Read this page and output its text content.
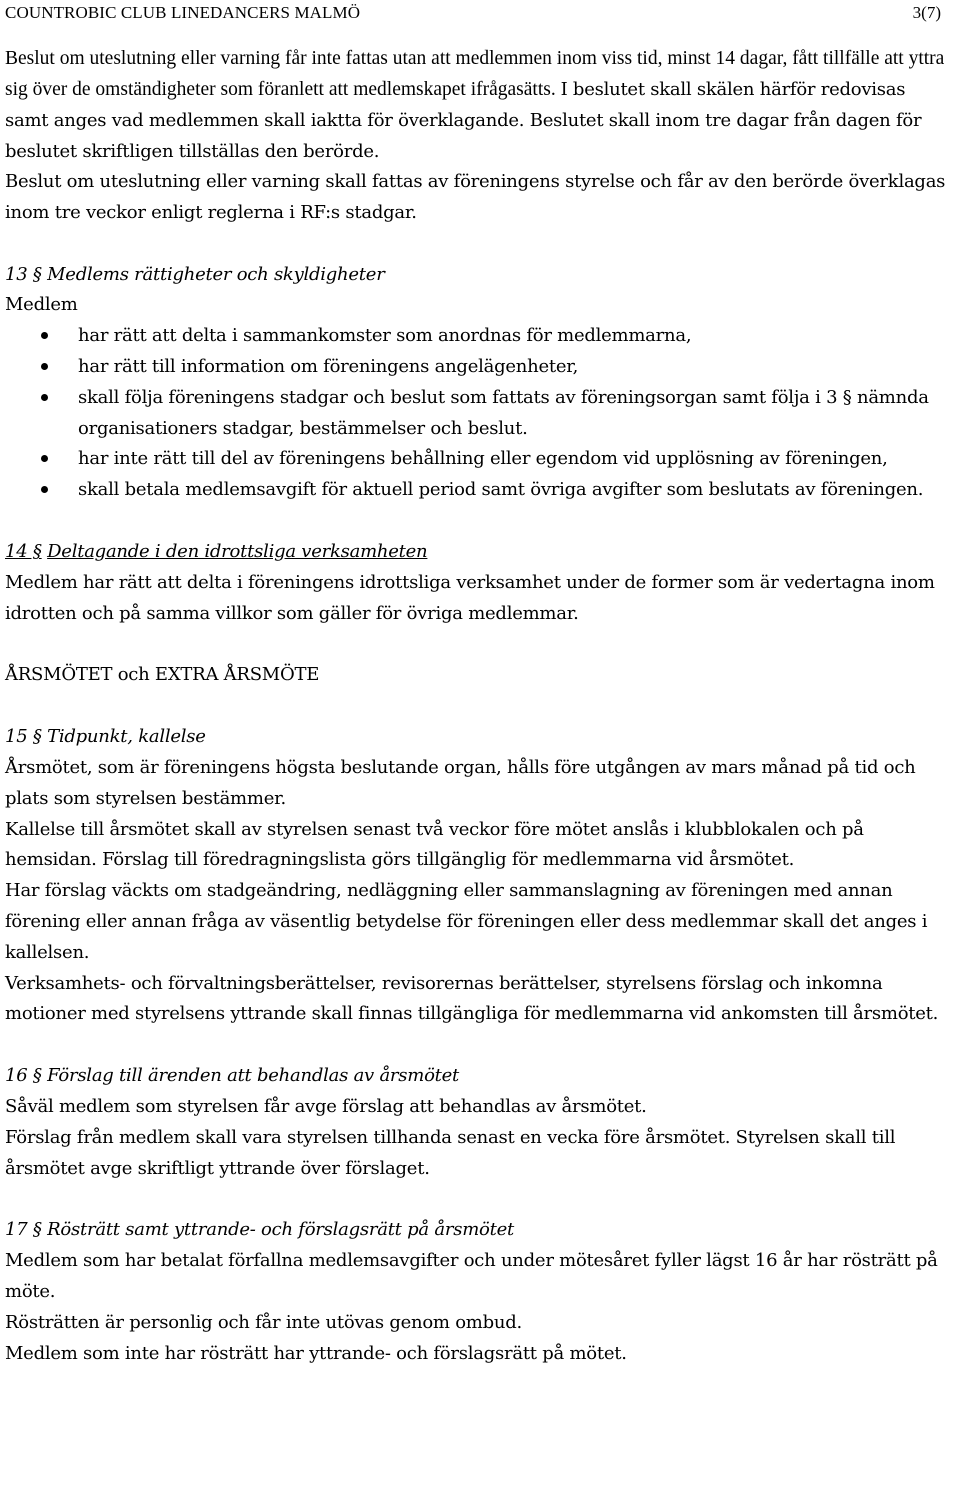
COUNTROBIC CLUB LINEDANCERS MALMÖ	3(7)

Beslut om uteslutning eller varning får inte fattas utan att medlemmen inom viss tid, minst 14 dagar, fått tillfälle att yttra sig över de omständigheter som föranlett att medlemskapet ifrågasätts. I beslutet skall skälen härför redovisas samt anges vad medlemmen skall iaktta för överklagande. Beslutet skall inom tre dagar från dagen för beslutet skriftligen tillställas den berörde.

Beslut om uteslutning eller varning skall fattas av föreningens styrelse och får av den berörde överklagas inom tre veckor enligt reglerna i RF:s stadgar.

13 § Medlems rättigheter och skyldigheter

Medlem

har rätt att delta i sammankomster som anordnas för medlemmarna,
har rätt till information om föreningens angelägenheter,
skall följa föreningens stadgar och beslut som fattats av föreningsorgan samt följa i 3 § nämnda organisationers stadgar, bestämmelser och beslut.
har inte rätt till del av föreningens behållning eller egendom vid upplösning av föreningen,
skall betala medlemsavgift för aktuell period samt övriga avgifter som beslutats av föreningen.

14 § Deltagande i den idrottsliga verksamheten

Medlem har rätt att delta i föreningens idrottsliga verksamhet under de former som är vedertagna inom idrotten och på samma villkor som gäller för övriga medlemmar.

ÅRSMÖTET och EXTRA ÅRSMÖTE

15 § Tidpunkt, kallelse

Årsmötet, som är föreningens högsta beslutande organ, hålls före utgången av mars månad på tid och plats som styrelsen bestämmer.

Kallelse till årsmötet skall av styrelsen senast två veckor före mötet anslås i klubblokalen och på hemsidan. Förslag till föredragningslista görs tillgänglig för medlemmarna vid årsmötet.

Har förslag väckts om stadgeändring, nedläggning eller sammanslagning av föreningen med annan förening eller annan fråga av väsentlig betydelse för föreningen eller dess medlemmar skall det anges i kallelsen.

Verksamhets- och förvaltningsberättelser, revisorernas berättelser, styrelsens förslag och inkomna motioner med styrelsens yttrande skall finnas tillgängliga för medlemmarna vid ankomsten till årsmötet.

16 § Förslag till ärenden att behandlas av årsmötet

Såväl medlem som styrelsen får avge förslag att behandlas av årsmötet.

Förslag från medlem skall vara styrelsen tillhanda senast en vecka före årsmötet. Styrelsen skall till årsmötet avge skriftligt yttrande över förslaget.

17 § Rösträtt samt yttrande- och förslagsrätt på årsmötet

Medlem som har betalat förfallna medlemsavgifter och under mötesåret fyller lägst 16 år har rösträtt på möte.

Rösträtten är personlig och får inte utövas genom ombud.

Medlem som inte har rösträtt har yttrande- och förslagsrätt på mötet.
